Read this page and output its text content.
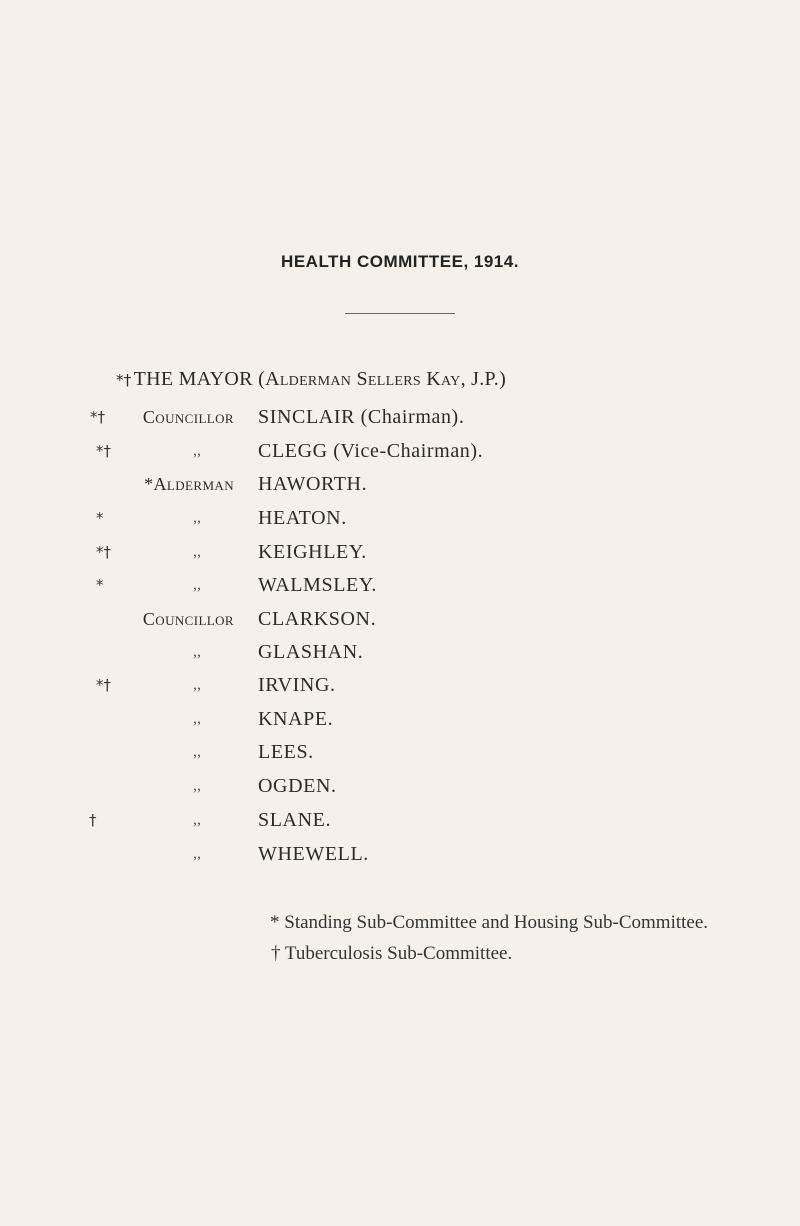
HEALTH COMMITTEE, 1914.
*† THE MAYOR (Alderman Sellers Kay, J.P.)
*†	Councillor SINCLAIR (Chairman).
*†	,,	CLEGG (Vice-Chairman).
*Alderman HAWORTH.
*	,,	HEATON.
*†	,,	KEIGHLEY.
*	,,	WALMSLEY.
Councillor CLARKSON.
,,	GLASHAN.
*†	,,	IRVING.
,,	KNAPE.
,,	LEES.
,,	OGDEN.
†	,,	SLANE.
,,	WHEWELL.
* Standing Sub-Committee and Housing Sub-Committee.
† Tuberculosis Sub-Committee.
